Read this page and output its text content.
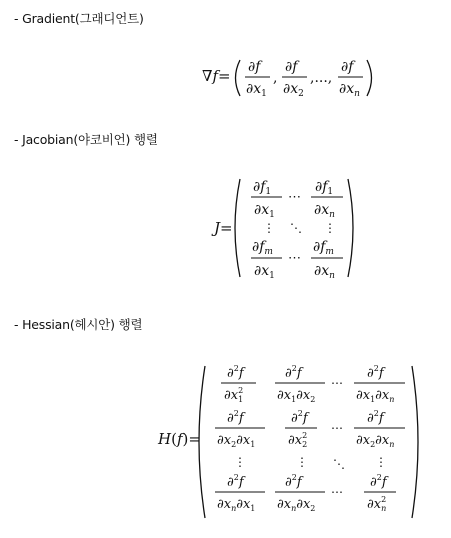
- Gradient(그래디언트)
- Jacobian(야코비언) 행렬
- Hessian(헤시안) 행렬
∇f= ∂f
$\partial x_1$
,
∂f
$\partial x_2$
,...,
∂f
$\partial x_n$
J=
$\partial f_1$
$\partial x_1$
⋯
$\partial f_1$
$\partial x_n$
⋮ ⋱ ⋮
$\partial f_m$
$\partial x_1$
⋯
$\partial f_m$
$\partial x_n$
H(f)=
∂$^2$f
$\partial x^2$ 1
∂$^2$f
$\partial x_1\partial x_2$
⋯
∂$^2$f
$\partial x_1\partial x_n$
∂$^2$f
$\partial x_2\partial x_1$
∂$^2$f
$\partial x^2$ 2
⋯
∂$^2$f
$\partial x_2\partial x_n$
⋮	⋮ ⋱	⋮
∂$^2$f
$\partial x_n\partial x_1$
∂$^2$f
$\partial x_n\partial x_2$
⋯
∂$^2$f
$\partial x^2$ n
